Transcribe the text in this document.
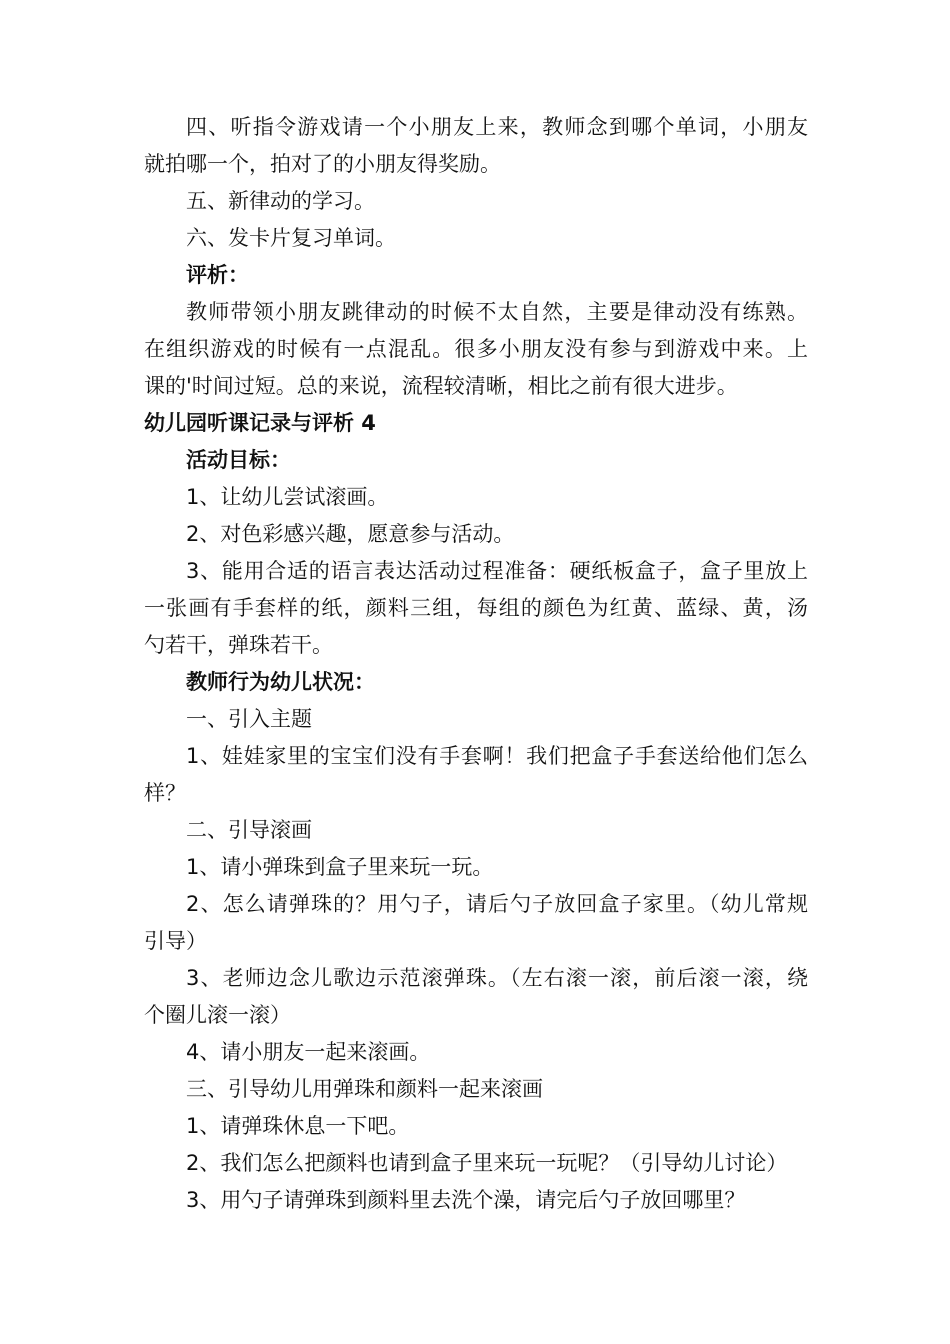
四、听指令游戏请一个小朋友上来，教师念到哪个单词，小朋友
就拍哪一个，拍对了的小朋友得奖励。
五、新律动的学习。
六、发卡片复习单词。
评析：
教师带领小朋友跳律动的时候不太自然，主要是律动没有练熟。
在组织游戏的时候有一点混乱。很多小朋友没有参与到游戏中来。上
课的'时间过短。总的来说，流程较清晰，相比之前有很大进步。
幼儿园听课记录与评析 4
活动目标：
1、让幼儿尝试滚画。
2、对色彩感兴趣，愿意参与活动。
3、能用合适的语言表达活动过程准备：硬纸板盒子，盒子里放上
一张画有手套样的纸，颜料三组，每组的颜色为红黄、蓝绿、黄，汤
勺若干，弹珠若干。
教师行为幼儿状况：
一、引入主题
1、娃娃家里的宝宝们没有手套啊！我们把盒子手套送给他们怎么
样？
二、引导滚画
1、请小弹珠到盒子里来玩一玩。
2、怎么请弹珠的？用勺子，请后勺子放回盒子家里。（幼儿常规
引导）
3、老师边念儿歌边示范滚弹珠。（左右滚一滚，前后滚一滚，绕
个圈儿滚一滚）
4、请小朋友一起来滚画。
三、引导幼儿用弹珠和颜料一起来滚画
1、请弹珠休息一下吧。
2、我们怎么把颜料也请到盒子里来玩一玩呢？（引导幼儿讨论）
3、用勺子请弹珠到颜料里去洗个澡，请完后勺子放回哪里？
